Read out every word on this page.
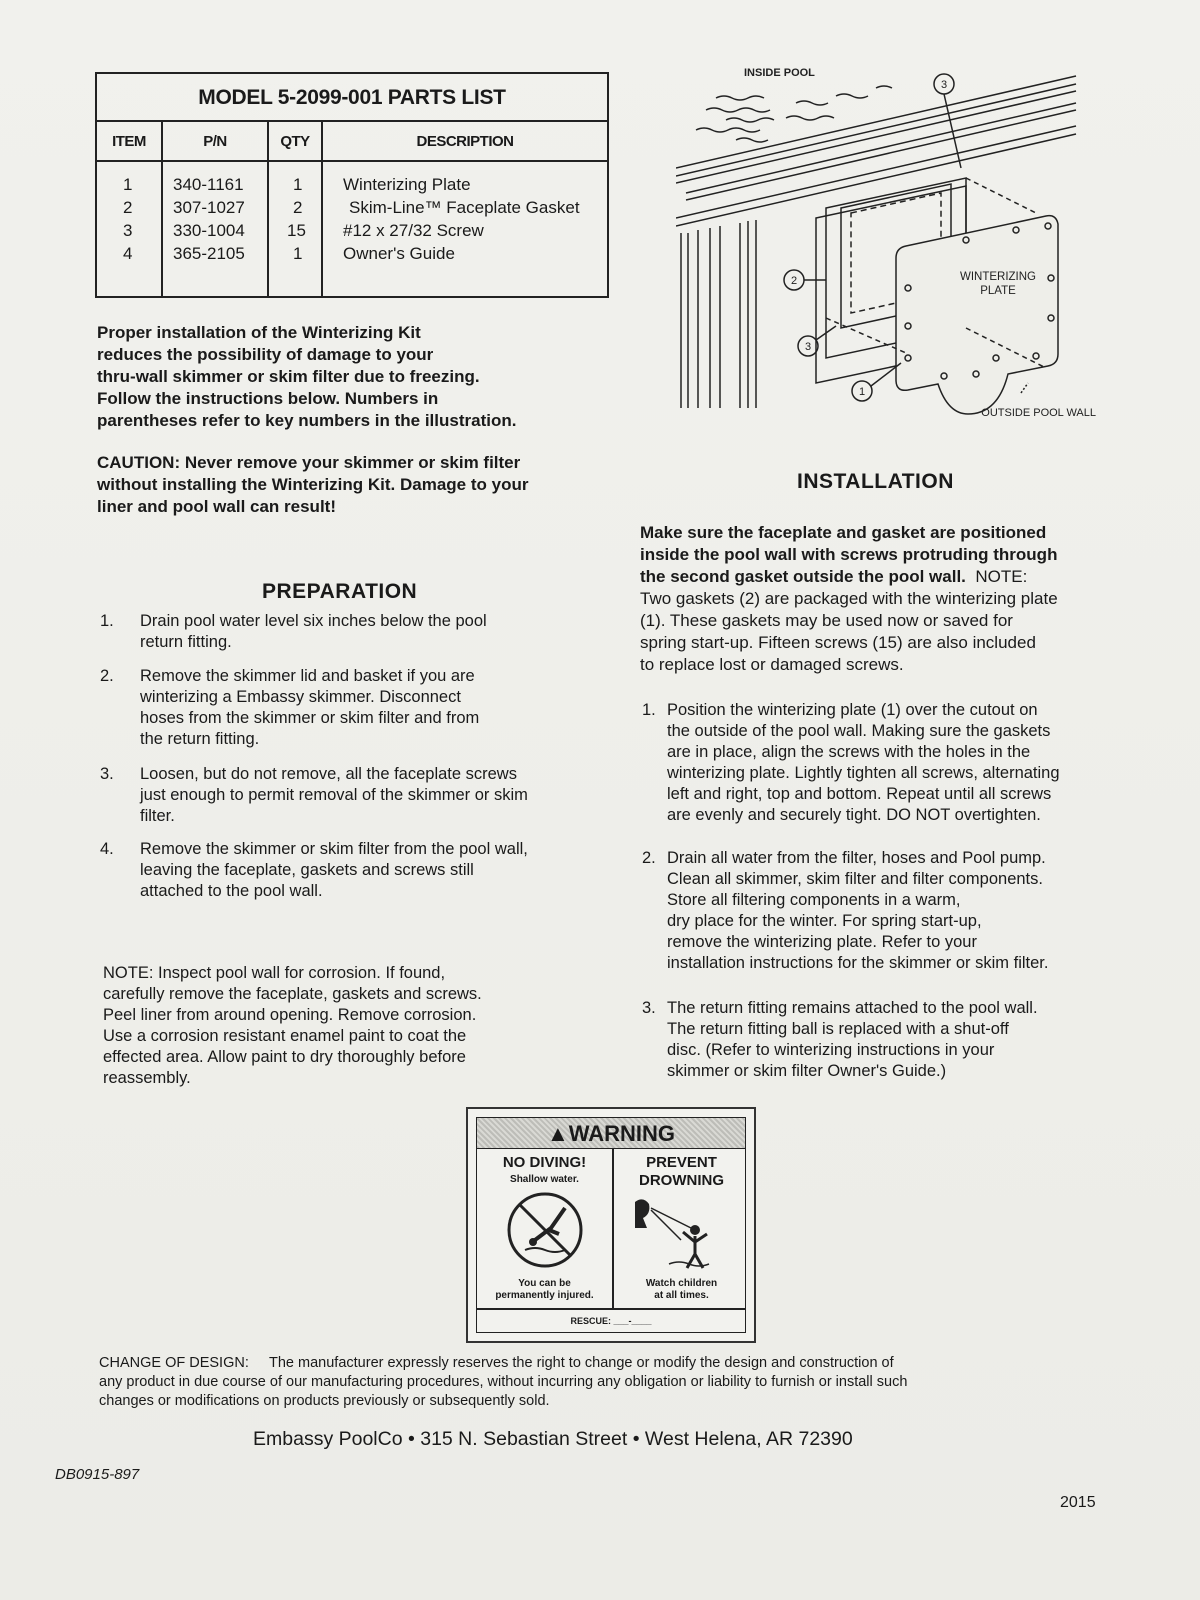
MODEL 5-2099-001 PARTS LIST
ITEM	P/N	QTY	DESCRIPTION
1 340-1161	1 Winterizing Plate
2 307-1027	2	Skim-Line™ Faceplate Gasket
3 330-1004 15 #12 x 27/32 Screw
4 365-2105	1 Owner's Guide
Proper installation of the Winterizing Kit
reduces the possibility of damage to your
thru-wall skimmer or skim filter due to freezing.
Follow the instructions below. Numbers in
parentheses refer to key numbers in the illustration.
CAUTION: Never remove your skimmer or skim filter
without installing the Winterizing Kit. Damage to your
liner and pool wall can result!
PREPARATION
1. Drain pool water level six inches below the pool
return fitting.
2. Remove the skimmer lid and basket if you are
winterizing a Embassy skimmer. Disconnect
hoses from the skimmer or skim filter and from
the return fitting.
3. Loosen, but do not remove, all the faceplate screws
just enough to permit removal of the skimmer or skim
filter.
4. Remove the skimmer or skim filter from the pool wall,
leaving the faceplate, gaskets and screws still
attached to the pool wall.
NOTE: Inspect pool wall for corrosion. If found,
carefully remove the faceplate, gaskets and screws.
Peel liner from around opening. Remove corrosion.
Use a corrosion resistant enamel paint to coat the
effected area. Allow paint to dry thoroughly before
reassembly.
3
2
3
1
INSIDE POOL
WINTERIZING
PLATE
OUTSIDE POOL WALL
INSTALLATION
Make sure the faceplate and gasket are positioned
inside the pool wall with screws protruding through
the second gasket outside the pool wall. NOTE:
Two gaskets (2) are packaged with the winterizing plate
(1). These gaskets may be used now or saved for
spring start-up. Fifteen screws (15) are also included
to replace lost or damaged screws.
1. Position the winterizing plate (1) over the cutout on
the outside of the pool wall. Making sure the gaskets
are in place, align the screws with the holes in the
winterizing plate. Lightly tighten all screws, alternating
left and right, top and bottom. Repeat until all screws
are evenly and securely tight. DO NOT overtighten.
2. Drain all water from the filter, hoses and Pool pump.
Clean all skimmer, skim filter and filter components.
Store all filtering components in a warm,
dry place for the winter. For spring start-up,
remove the winterizing plate. Refer to your
installation instructions for the skimmer or skim filter.
3. The return fitting remains attached to the pool wall.
The return fitting ball is replaced with a shut-off
disc. (Refer to winterizing instructions in your
skimmer or skim filter Owner's Guide.)
▲WARNING
NO DIVING!
Shallow water.
You can be
permanently injured.
PREVENT
DROWNING
Watch children
at all times.
RESCUE: ___-____
CHANGE OF DESIGN: The manufacturer expressly reserves the right to change or modify the design and construction of
any product in due course of our manufacturing procedures, without incurring any obligation or liability to furnish or install such
changes or modifications on products previously or subsequently sold.
Embassy PoolCo • 315 N. Sebastian Street • West Helena, AR 72390
DB0915-897
2015
